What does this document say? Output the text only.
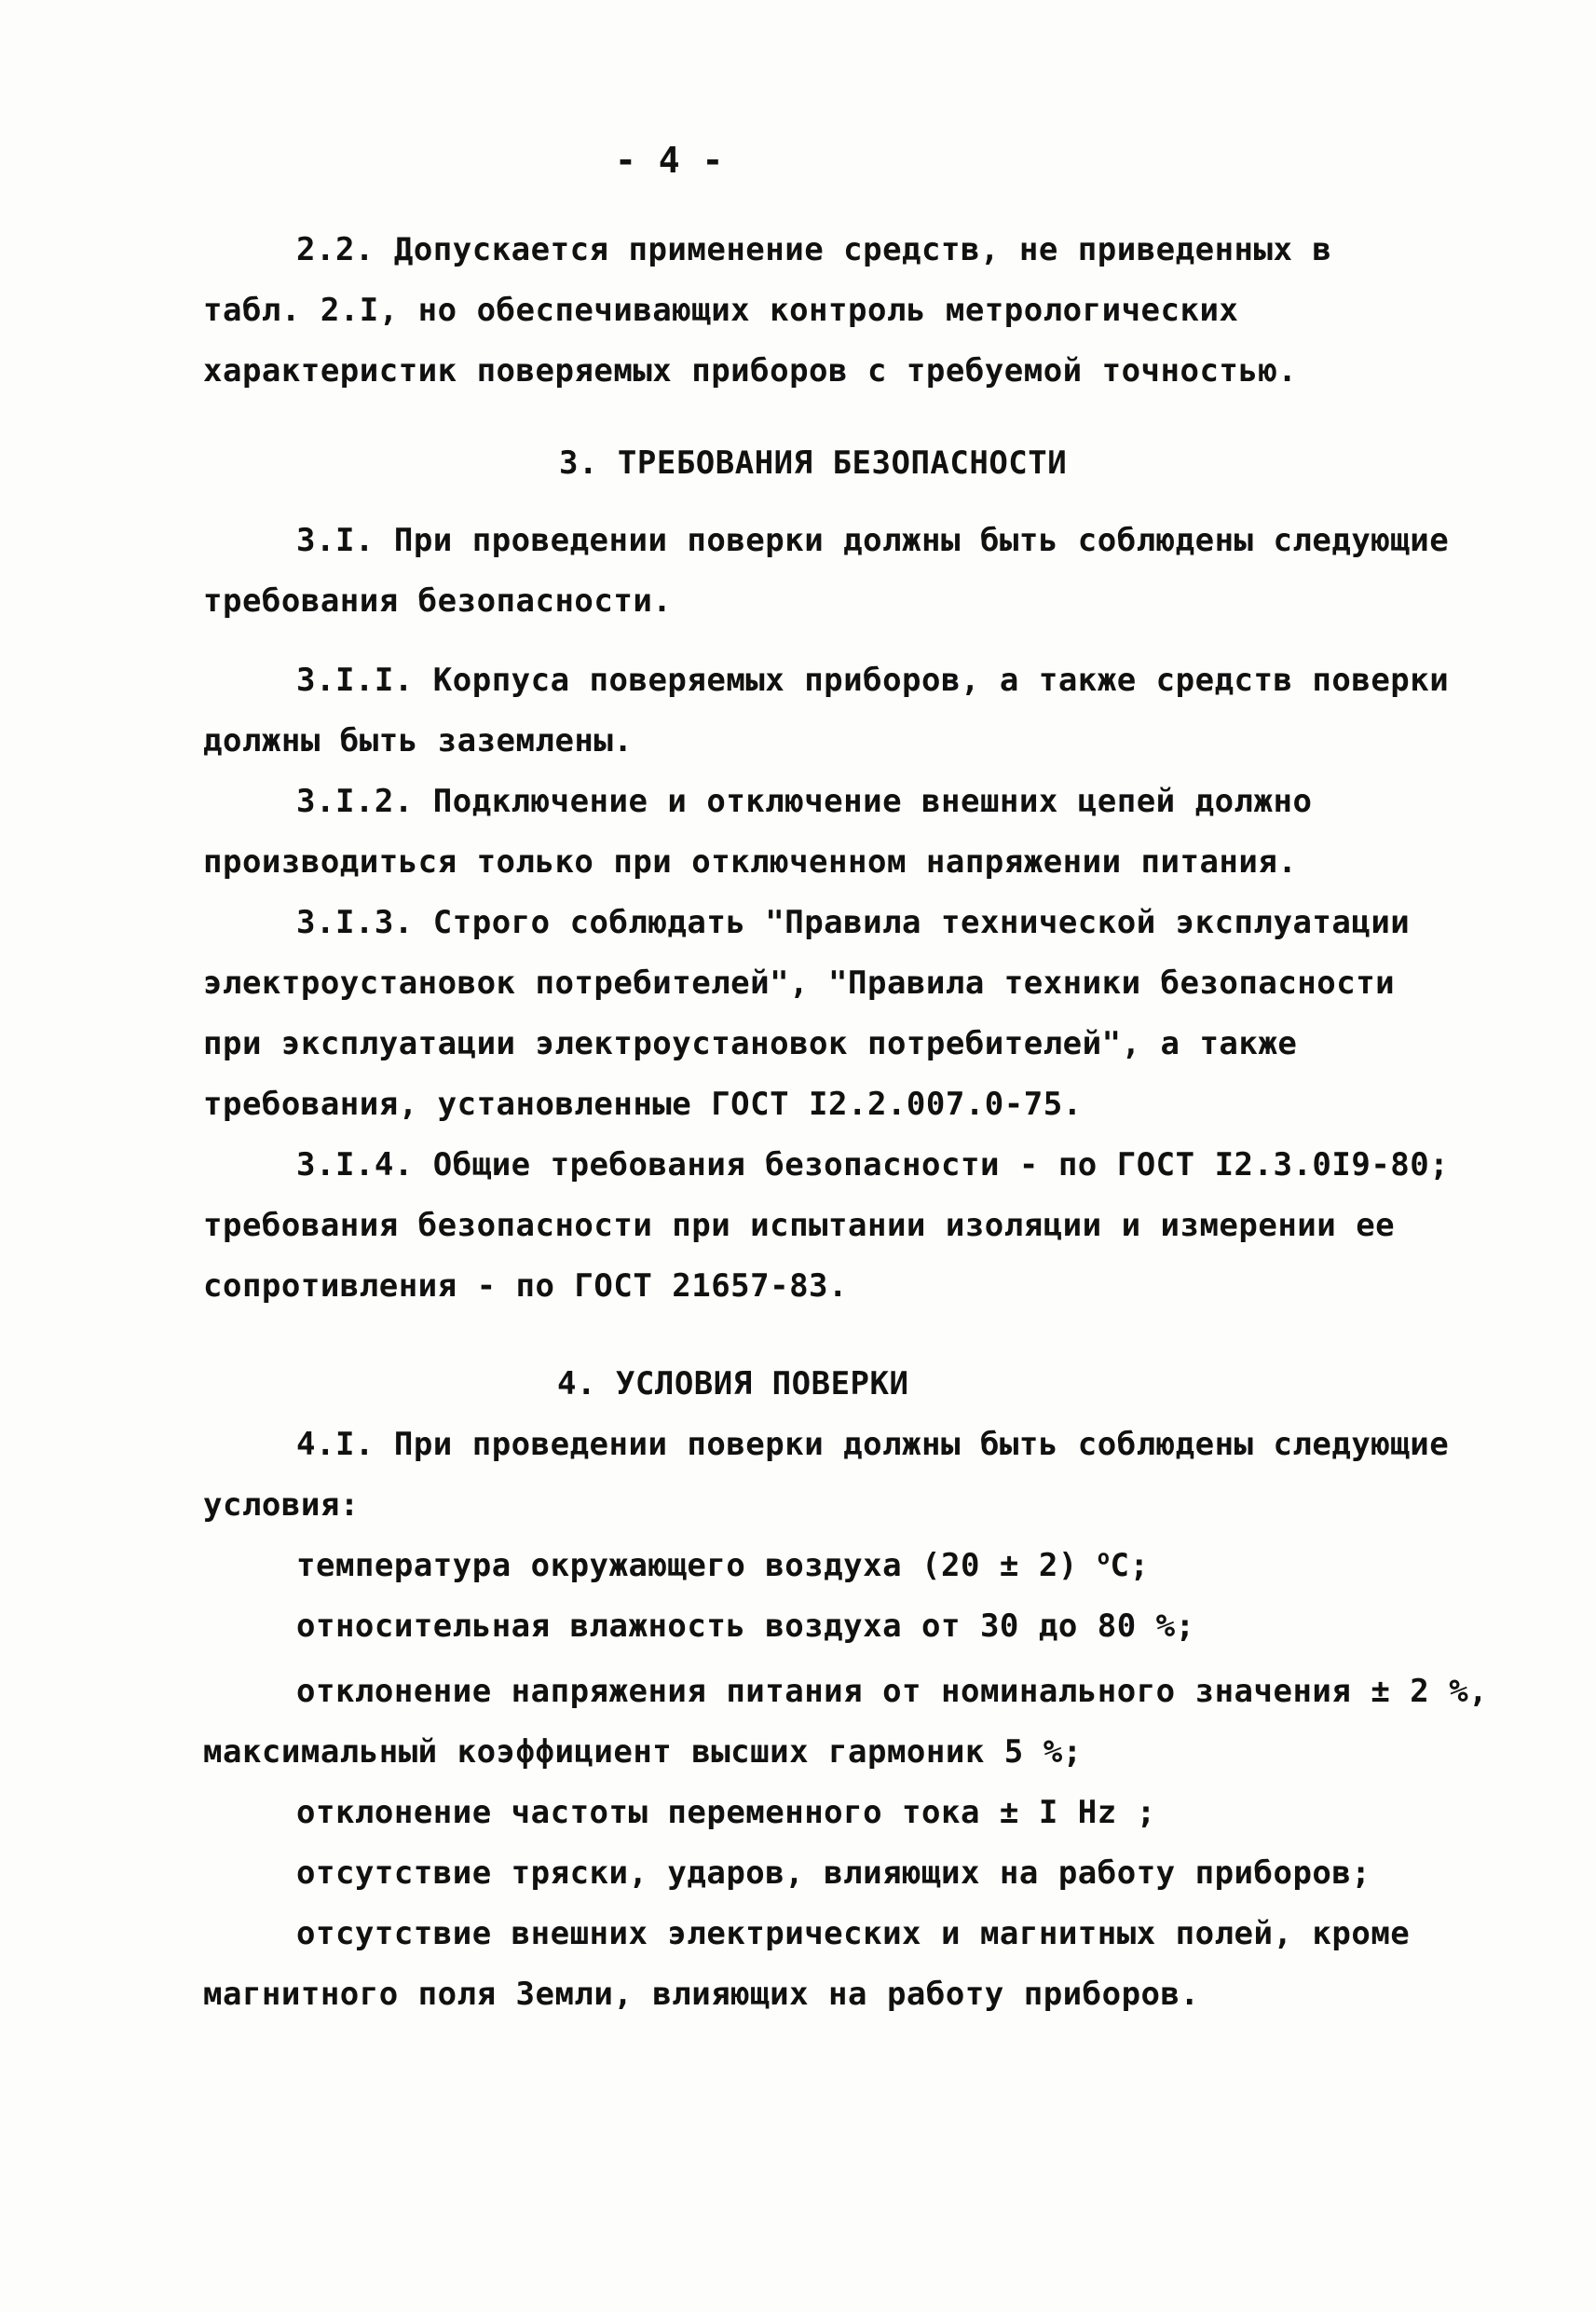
- 4 -
2.2. Допускается применение средств, не приведенных в
табл. 2.I, но обеспечивающих контроль метрологических
характеристик поверяемых приборов с требуемой точностью.
3. ТРЕБОВАНИЯ БЕЗОПАСНОСТИ
3.I. При проведении поверки должны быть соблюдены следующие
требования безопасности.
3.I.I. Корпуса поверяемых приборов, а также средств поверки
должны быть заземлены.
3.I.2. Подключение и отключение внешних цепей должно
производиться только при отключенном напряжении питания.
3.I.3. Строго соблюдать "Правила технической эксплуатации
электроустановок потребителей", "Правила техники безопасности
при эксплуатации электроустановок потребителей", а также
требования, установленные ГОСТ I2.2.007.0-75.
3.I.4. Общие требования безопасности - по ГОСТ I2.3.0I9-80;
требования безопасности при испытании изоляции и измерении ее
сопротивления - по ГОСТ 21657-83.
4. УСЛОВИЯ ПОВЕРКИ
4.I. При проведении поверки должны быть соблюдены следующие
условия:
температура окружающего воздуха (20 ± 2) $^o$C;
относительная влажность воздуха от 30 до 80 %;
отклонение напряжения питания от номинального значения ± 2 %,
максимальный коэффициент высших гармоник 5 %;
отклонение частоты переменного тока ± I Hz ;
отсутствие тряски, ударов, влияющих на работу приборов;
отсутствие внешних электрических и магнитных полей, кроме
магнитного поля Земли, влияющих на работу приборов.
